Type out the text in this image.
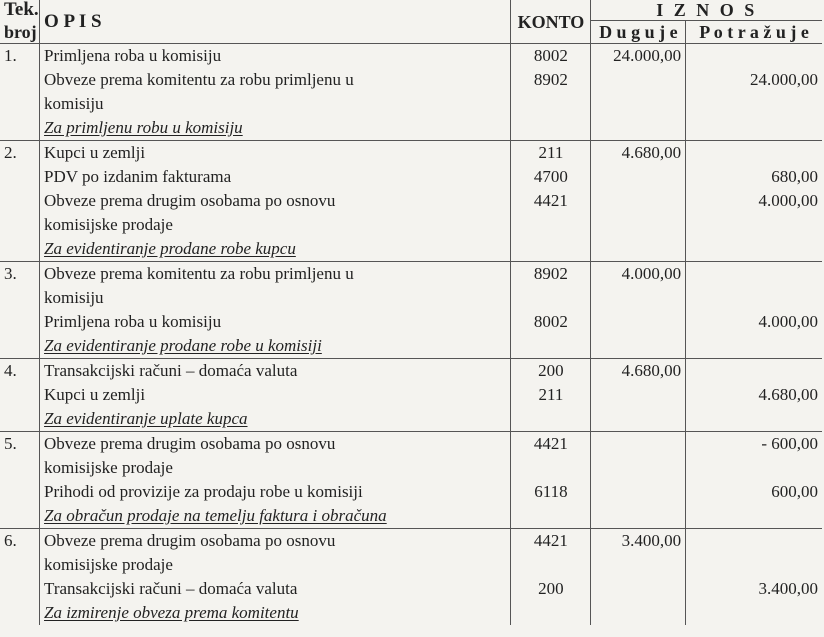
Tek.	O P I S	KONTO	I Z N O S	
broj			D u g u j e	P o t r a ž u j e
1.	Primljena roba u komisiju	8002	24.000,00	
	Obveze prema komitentu za robu primljenu u	8902		24.000,00
	komisiju			
	Za primljenu robu u komisiju			
2.	Kupci u zemlji	211	4.680,00	
	PDV po izdanim fakturama	4700		680,00
	Obveze prema drugim osobama po osnovu	4421		4.000,00
	komisijske prodaje			
	Za evidentiranje prodane robe kupcu			
3.	Obveze prema komitentu za robu primljenu u	8902	4.000,00	
	komisiju			
	Primljena roba u komisiju	8002		4.000,00
	Za evidentiranje prodane robe u komisiji			
4.	Transakcijski računi – domaća valuta	200	4.680,00	
	Kupci u zemlji	211		4.680,00
	Za evidentiranje uplate kupca			
5.	Obveze prema drugim osobama po osnovu	4421		- 600,00
	komisijske prodaje			
	Prihodi od provizije za prodaju robe u komisiji	6118		600,00
	Za obračun prodaje na temelju faktura i obračuna			
6.	Obveze prema drugim osobama po osnovu	4421	3.400,00	
	komisijske prodaje			
	Transakcijski računi – domaća valuta	200		3.400,00
	Za izmirenje obveza prema komitentu			
